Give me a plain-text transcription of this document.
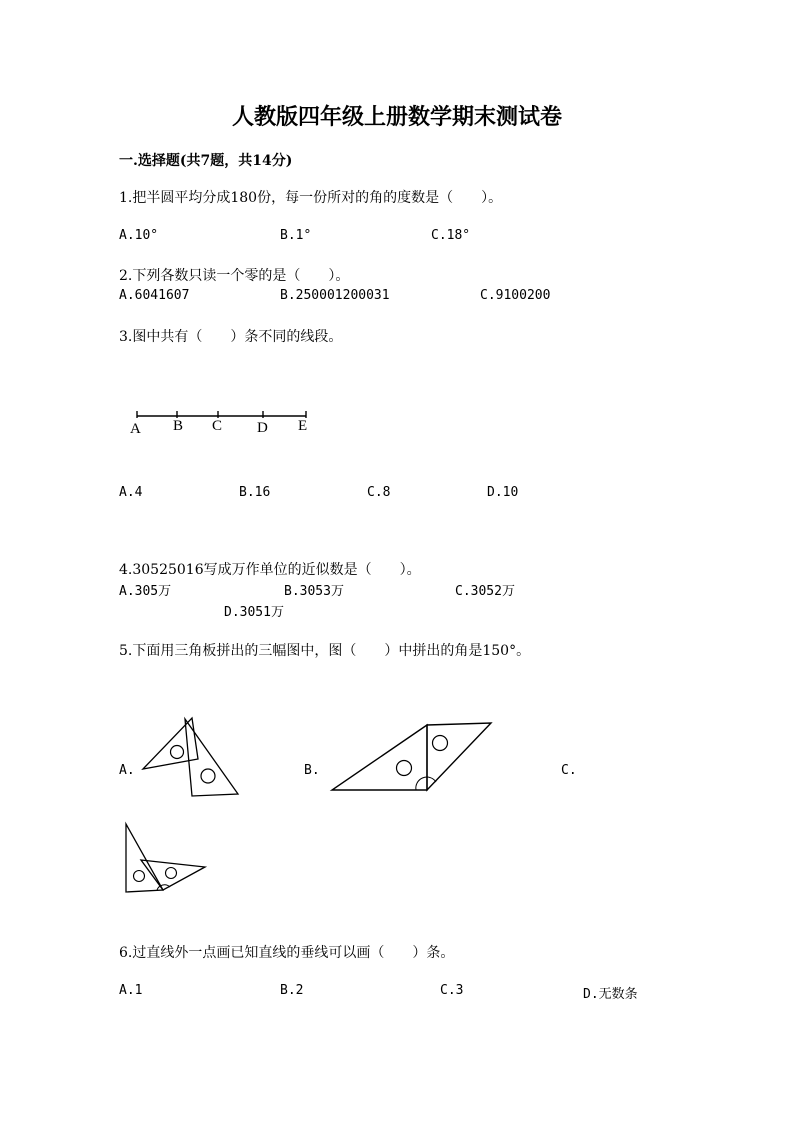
人教版四年级上册数学期末测试卷
一.选择题(共7题，共14分)
1.把半圆平均分成180份，每一份所对的角的度数是（　　）。
A.10°	B.1°	C.18°
2.下列各数只读一个零的是（　　）。
A.6041607	B.250001200031	C.9100200
3.图中共有（　　）条不同的线段。
A B C D E
A.4	B.16	C.8	D.10
4.30525016写成万作单位的近似数是（　　）。
A.305万	B.3053万	C.3052万
D.3051万
5.下面用三角板拼出的三幅图中，图（　　）中拼出的角是150°。
A.	B.	C.
6.过直线外一点画已知直线的垂线可以画（　　）条。
A.1	B.2	C.3	D.无数条
